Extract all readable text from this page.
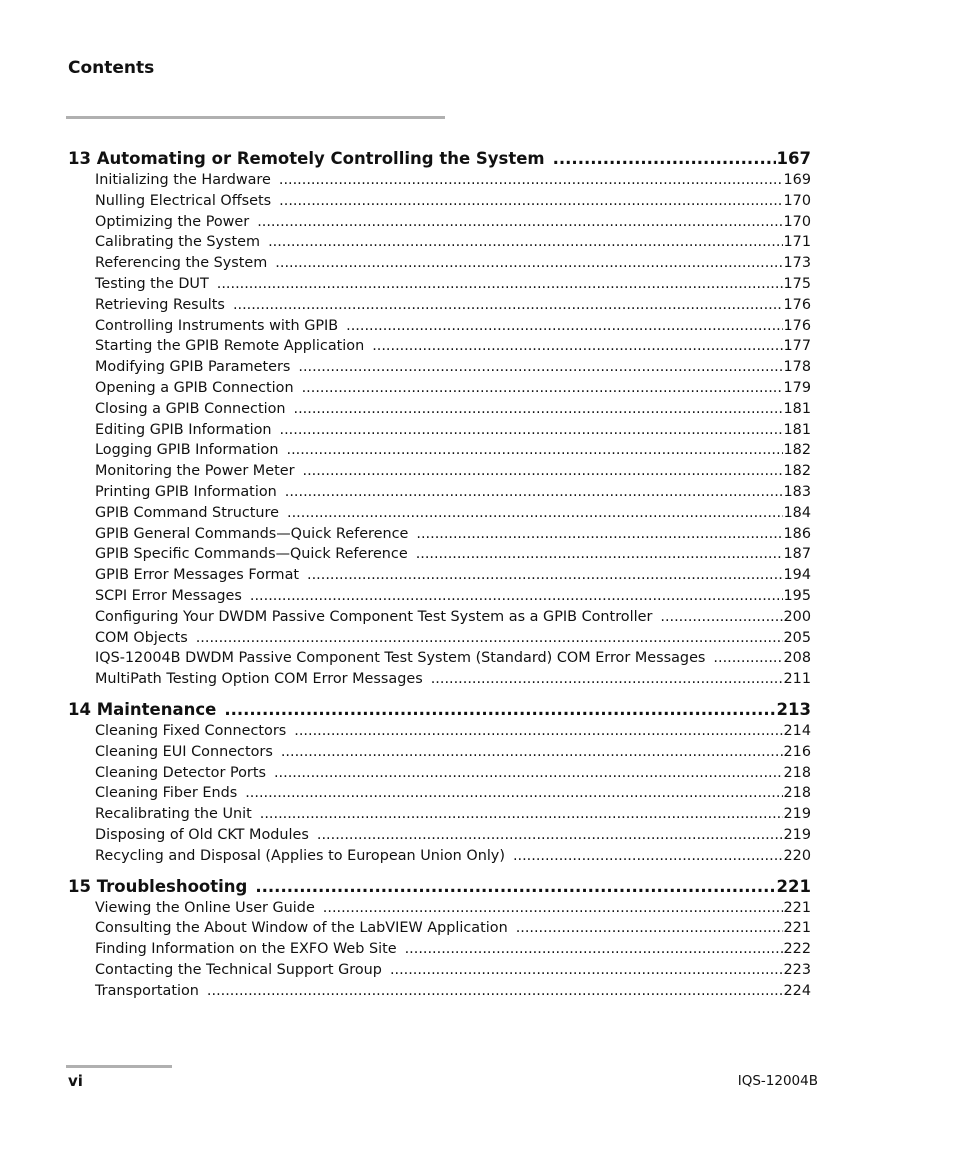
Contents
13 Automating or Remotely Controlling the System .....	167
Initializing the Hardware .....	169
Nulling Electrical Offsets .....	170
Optimizing the Power .....	170
Calibrating the System .....	171
Referencing the System .....	173
Testing the DUT .....	175
Retrieving Results .....	176
Controlling Instruments with GPIB .....	176
Starting the GPIB Remote Application .....	177
Modifying GPIB Parameters .....	178
Opening a GPIB Connection .....	179
Closing a GPIB Connection .....	181
Editing GPIB Information .....	181
Logging GPIB Information .....	182
Monitoring the Power Meter .....	182
Printing GPIB Information .....	183
GPIB Command Structure .....	184
GPIB General Commands—Quick Reference .....	186
GPIB Specific Commands—Quick Reference .....	187
GPIB Error Messages Format .....	194
SCPI Error Messages .....	195
Configuring Your DWDM Passive Component Test System as a GPIB Controller .....	200
COM Objects .....	205
IQS-12004B DWDM Passive Component Test System (Standard) COM Error Messages .....	208
MultiPath Testing Option COM Error Messages .....	211
14 Maintenance .....	213
Cleaning Fixed Connectors .....	214
Cleaning EUI Connectors .....	216
Cleaning Detector Ports .....	218
Cleaning Fiber Ends .....	218
Recalibrating the Unit .....	219
Disposing of Old CKT Modules .....	219
Recycling and Disposal (Applies to European Union Only) .....	220
15 Troubleshooting .....	221
Viewing the Online User Guide .....	221
Consulting the About Window of the LabVIEW Application .....	221
Finding Information on the EXFO Web Site .....	222
Contacting the Technical Support Group .....	223
Transportation .....	224
vi	IQS-12004B
